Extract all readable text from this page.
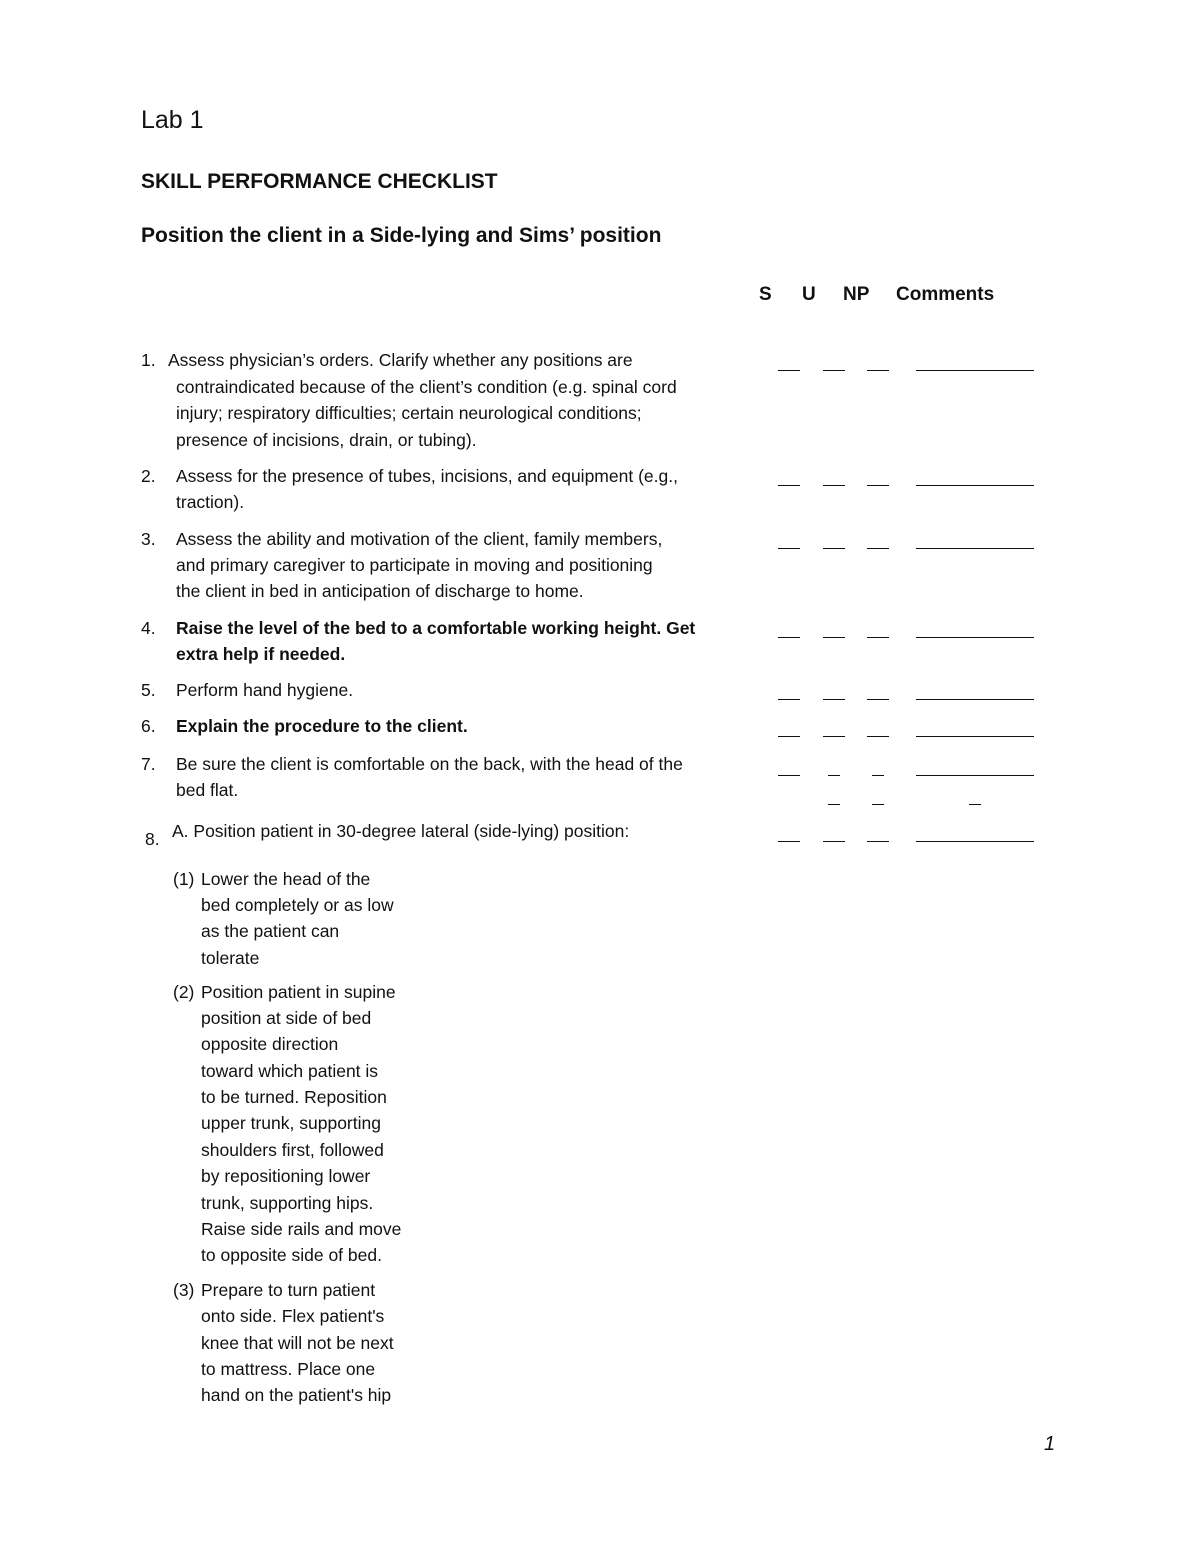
Lab 1
SKILL PERFORMANCE CHECKLIST
Position the client in a Side-lying and Sims’ position
S U NP Comments
1. Assess physician’s orders. Clarify whether any positions are
contraindicated because of the client’s condition (e.g. spinal cord
injury; respiratory difficulties; certain neurological conditions;
presence of incisions, drain, or tubing).
2. Assess for the presence of tubes, incisions, and equipment (e.g.,
traction).
3. Assess the ability and motivation of the client, family members,
and primary caregiver to participate in moving and positioning
the client in bed in anticipation of discharge to home.
4. Raise the level of the bed to a comfortable working height. Get
extra help if needed.
5. Perform hand hygiene.
6. Explain the procedure to the client.
7. Be sure the client is comfortable on the back, with the head of the
bed flat.
8. A. Position patient in 30-degree lateral (side-lying) position:
(1) Lower the head of the
bed completely or as low
as the patient can
tolerate
(2) Position patient in supine
position at side of bed
opposite direction
toward which patient is
to be turned. Reposition
upper trunk, supporting
shoulders first, followed
by repositioning lower
trunk, supporting hips.
Raise side rails and move
to opposite side of bed.
(3) Prepare to turn patient
onto side. Flex patient's
knee that will not be next
to mattress. Place one
hand on the patient's hip
1
